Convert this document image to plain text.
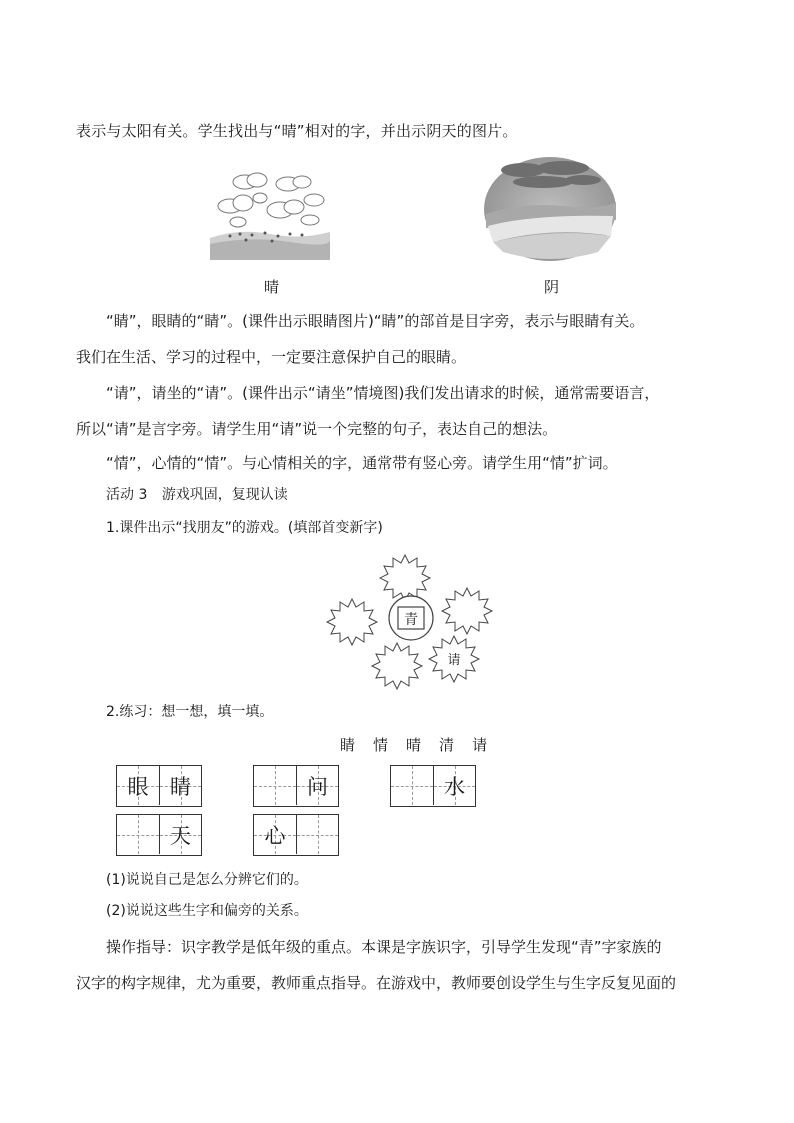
表示与太阳有关。学生找出与“晴”相对的字，并出示阴天的图片。
晴	阴
“睛”，眼睛的“睛”。(课件出示眼睛图片)“睛”的部首是目字旁，表示与眼睛有关。
我们在生活、学习的过程中，一定要注意保护自己的眼睛。
“请”，请坐的“请”。(课件出示“请坐”情境图)我们发出请求的时候，通常需要语言，
所以“请”是言字旁。请学生用“请”说一个完整的句子，表达自己的想法。
“情”，心情的“情”。与心情相关的字，通常带有竖心旁。请学生用“情”扩词。
活动 3 游戏巩固，复现认读
1.课件出示“找朋友”的游戏。(填部首变新字)
青
请
2.练习：想一想，填一填。
睛 情 晴 清 请
眼 睛	问	水
天	心
(1)说说自己是怎么分辨它们的。
(2)说说这些生字和偏旁的关系。
操作指导：识字教学是低年级的重点。本课是字族识字，引导学生发现“青”字家族的
汉字的构字规律，尤为重要，教师重点指导。在游戏中，教师要创设学生与生字反复见面的
